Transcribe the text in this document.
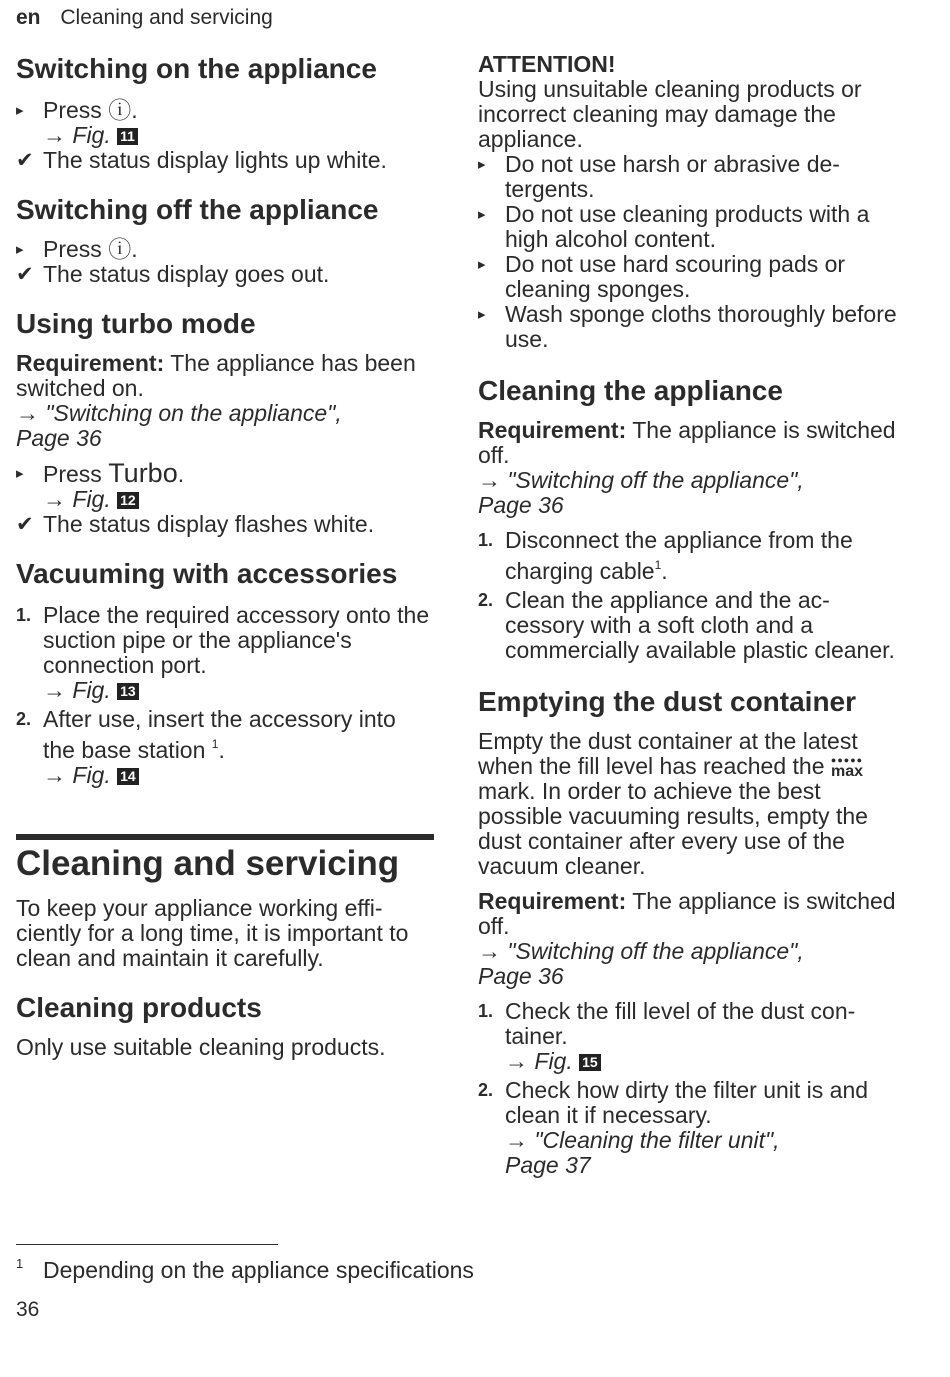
en Cleaning and servicing
Switching on the appliance
▸ Press ⓘ.
→ Fig. 11
✔ The status display lights up white.
Switching off the appliance
▸ Press ⓘ.
✔ The status display goes out.
Using turbo mode

Requirement: The appliance has been switched on.

→ "Switching on the appliance",
Page 36

▸ Press Turbo.
→ Fig. 12
✔ The status display flashes white.
Vacuuming with accessories
1. Place the required accessory onto the suction pipe or the appliance's connection port.
→ Fig. 13
2. After use, insert the accessory into the base station $^1$.
→ Fig. 14
Cleaning and servicing

To keep your appliance working effi-ciently for a long time, it is important to clean and maintain it carefully.

Cleaning products

Only use suitable cleaning products.

ATTENTION!

Using unsuitable cleaning products or incorrect cleaning may damage the appliance.

▸ Do not use harsh or abrasive de-tergents.
▸ Do not use cleaning products with a high alcohol content.
▸ Do not use hard scouring pads or cleaning sponges.
▸ Wash sponge cloths thoroughly before use.
Cleaning the appliance

Requirement: The appliance is switched off.

→ "Switching off the appliance",
Page 36

1. Disconnect the appliance from the charging cable$^1$.
2. Clean the appliance and the ac-cessory with a soft cloth and a commercially available plastic cleaner.
Emptying the dust container

Empty the dust container at the latest when the fill level has reached the ●●●●●
max mark. In order to achieve the best possible vacuuming results, empty the dust container after every use of the vacuum cleaner.

Requirement: The appliance is switched off.

→ "Switching off the appliance",
Page 36

1. Check the fill level of the dust con-tainer.
→ Fig. 15
2. Check how dirty the filter unit is and clean it if necessary.
→ "Cleaning the filter unit",
Page 37
1 Depending on the appliance specifications
36
